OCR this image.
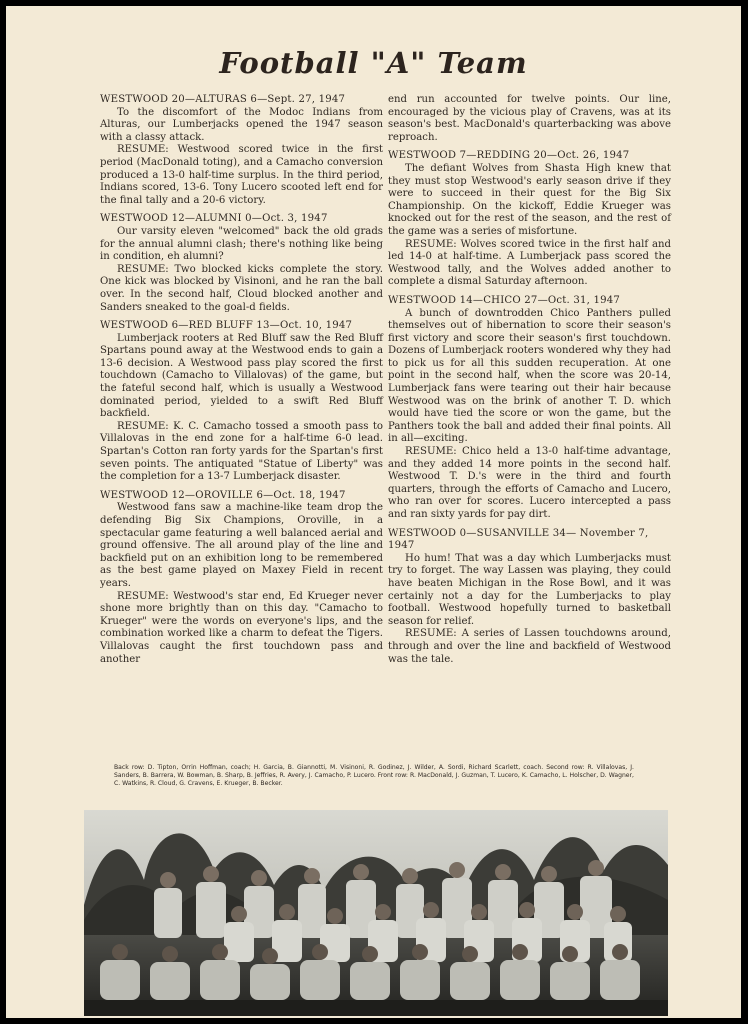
Football "A" Team
WESTWOOD 20—ALTURAS 6—Sept. 27, 1947

To the discomfort of the Modoc Indians from Alturas, our Lumberjacks opened the 1947 season with a classy attack.

RESUME: Westwood scored twice in the first period (MacDonald toting), and a Camacho conversion produced a 13-0 half-time surplus. In the third period, Indians scored, 13-6. Tony Lucero scooted left end for the final tally and a 20-6 victory.

WESTWOOD 12—ALUMNI 0—Oct. 3, 1947

Our varsity eleven "welcomed" back the old grads for the annual alumni clash; there's nothing like being in condition, eh alumni?

RESUME: Two blocked kicks complete the story. One kick was blocked by Visinoni, and he ran the ball over. In the second half, Cloud blocked another and Sanders sneaked to the goal-d fields.

WESTWOOD 6—RED BLUFF 13—Oct. 10, 1947

Lumberjack rooters at Red Bluff saw the Red Bluff Spartans pound away at the Westwood ends to gain a 13-6 decision. A Westwood pass play scored the first touchdown (Camacho to Villalovas) of the game, but the fateful second half, which is usually a Westwood dominated period, yielded to a swift Red Bluff backfield.

RESUME: K. C. Camacho tossed a smooth pass to Villalovas in the end zone for a half-time 6-0 lead. Spartan's Cotton ran forty yards for the Spartan's first seven points. The antiquated "Statue of Liberty" was the completion for a 13-7 Lumberjack disaster.

WESTWOOD 12—OROVILLE 6—Oct. 18, 1947

Westwood fans saw a machine-like team drop the defending Big Six Champions, Oroville, in a spectacular game featuring a well balanced aerial and ground offensive. The all around play of the line and backfield put on an exhibition long to be remembered as the best game played on Maxey Field in recent years.

RESUME: Westwood's star end, Ed Krueger never shone more brightly than on this day. "Camacho to Krueger" were the words on everyone's lips, and the combination worked like a charm to defeat the Tigers. Villalovas caught the first touchdown pass and another

end run accounted for twelve points. Our line, encouraged by the vicious play of Cravens, was at its season's best. MacDonald's quarterbacking was above reproach.

WESTWOOD 7—REDDING 20—Oct. 26, 1947

The defiant Wolves from Shasta High knew that they must stop Westwood's early season drive if they were to succeed in their quest for the Big Six Championship. On the kickoff, Eddie Krueger was knocked out for the rest of the season, and the rest of the game was a series of misfortune.

RESUME: Wolves scored twice in the first half and led 14-0 at half-time. A Lumberjack pass scored the Westwood tally, and the Wolves added another to complete a dismal Saturday afternoon.

WESTWOOD 14—CHICO 27—Oct. 31, 1947

A bunch of downtrodden Chico Panthers pulled themselves out of hibernation to score their season's first victory and score their season's first touchdown. Dozens of Lumberjack rooters wondered why they had to pick us for all this sudden recuperation. At one point in the second half, when the score was 20-14, Lumberjack fans were tearing out their hair because Westwood was on the brink of another T. D. which would have tied the score or won the game, but the Panthers took the ball and added their final points. All in all—exciting.

RESUME: Chico held a 13-0 half-time advantage, and they added 14 more points in the second half. Westwood T. D.'s were in the third and fourth quarters, through the efforts of Camacho and Lucero, who ran over for scores. Lucero intercepted a pass and ran sixty yards for pay dirt.

WESTWOOD 0—SUSANVILLE 34— November 7, 1947

Ho hum! That was a day which Lumberjacks must try to forget. The way Lassen was playing, they could have beaten Michigan in the Rose Bowl, and it was certainly not a day for the Lumberjacks to play football. Westwood hopefully turned to basketball season for relief.

RESUME: A series of Lassen touchdowns around, through and over the line and backfield of Westwood was the tale.

Back row: D. Tipton, Orrin Hoffman, coach; H. Garcia, B. Giannotti, M. Visinoni, R. Godinez, J. Wilder, A. Sordi, Richard Scarlett, coach. Second row: R. Villalovas, J. Sanders, B. Barrera, W. Bowman, B. Sharp, B. Jeffries, R. Avery, J. Camacho, P. Lucero. Front row: R. MacDonald, J. Guzman, T. Lucero, K. Camacho, L. Holscher, D. Wagner, C. Watkins, R. Cloud, G. Cravens, E. Krueger, B. Becker.
